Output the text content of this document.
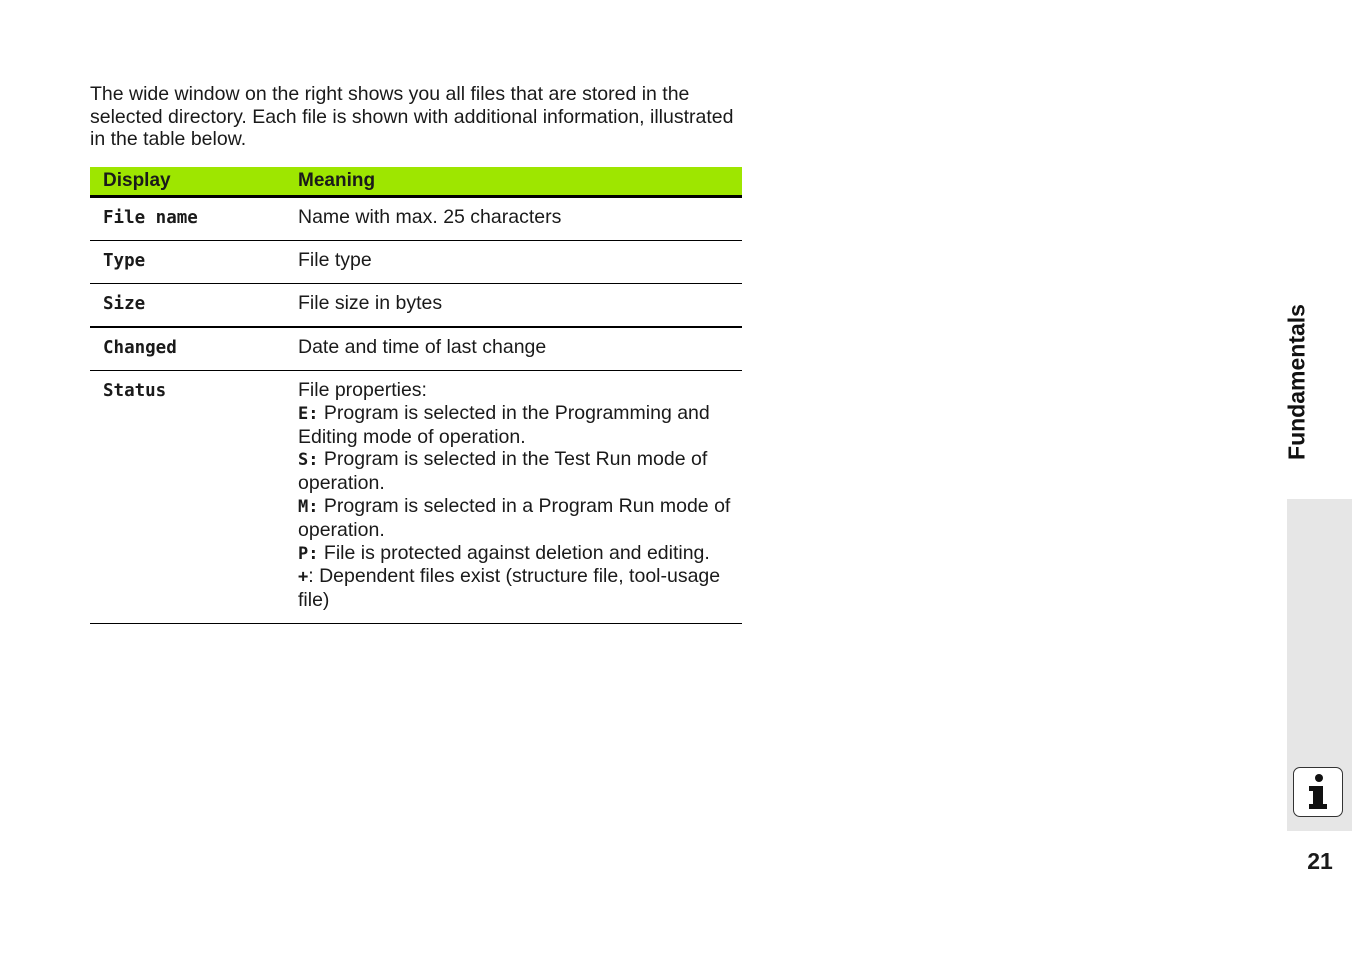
The wide window on the right shows you all files that are stored in the selected directory. Each file is shown with additional information, illustrated in the table below.

Display	Meaning
File name	Name with max. 25 characters
Type	File type
Size	File size in bytes
Changed	Date and time of last change
Status	File properties:
E: Program is selected in the Programming and Editing mode of operation.
S: Program is selected in the Test Run mode of operation.
M: Program is selected in a Program Run mode of operation.
P: File is protected against deletion and editing.
+: Dependent files exist (structure file, tool-usage file)
Fundamentals
21
